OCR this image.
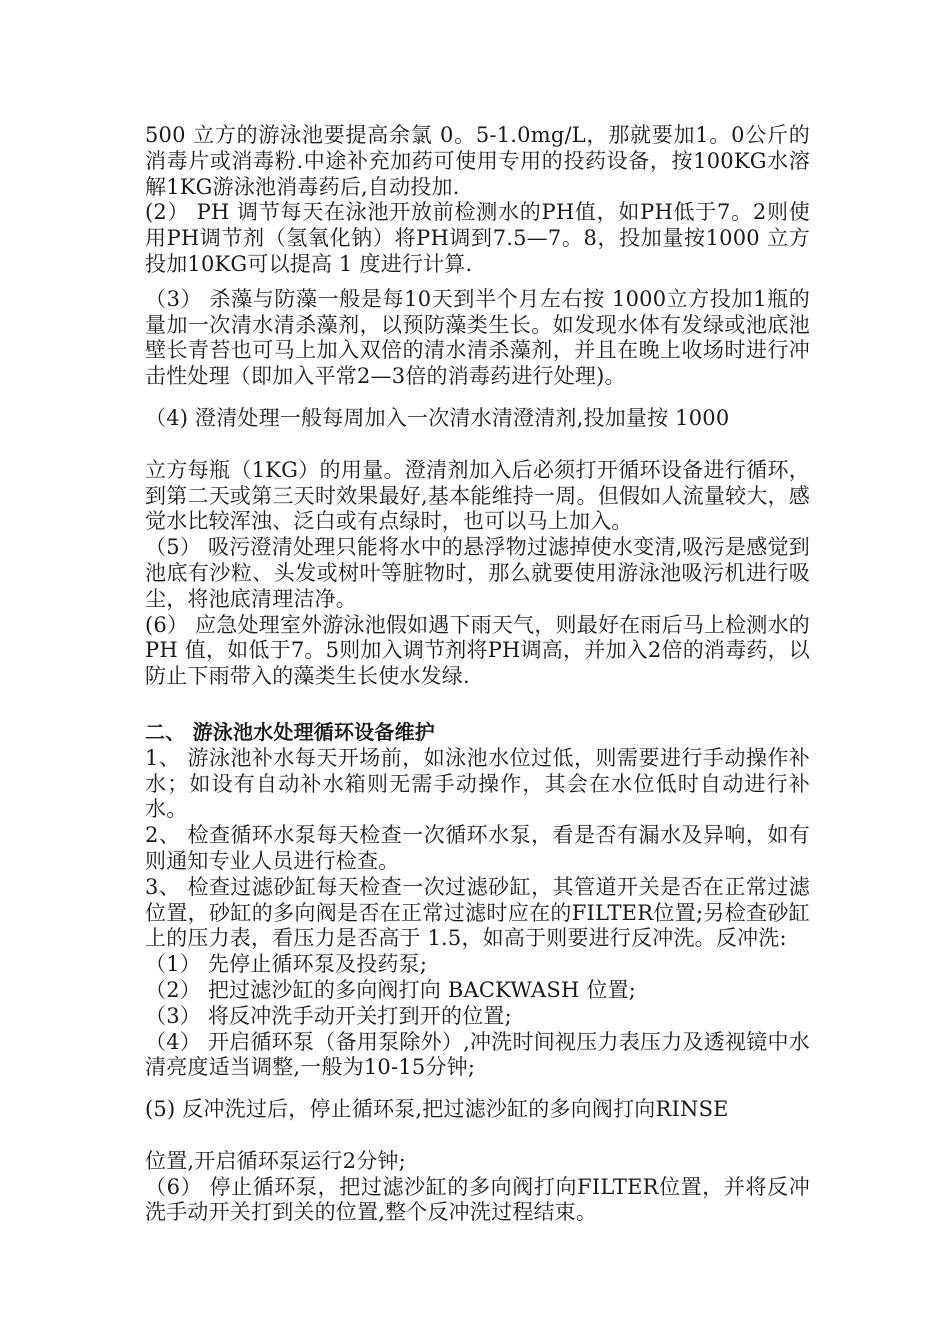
500 立方的游泳池要提高余氯 0。5-1.0mg/L，那就要加1。0公斤的消毒片或消毒粉.中途补充加药可使用专用的投药设备，按100KG水溶解1KG游泳池消毒药后,自动投加.

(2） PH 调节每天在泳池开放前检测水的PH值，如PH低于7。2则使用PH调节剂（氢氧化钠）将PH调到7.5—7。8，投加量按1000 立方投加10KG可以提高 1 度进行计算.

（3） 杀藻与防藻一般是每10天到半个月左右按 1000立方投加1瓶的量加一次清水清杀藻剂，以预防藻类生长。如发现水体有发绿或池底池壁长青苔也可马上加入双倍的清水清杀藻剂，并且在晚上收场时进行冲击性处理（即加入平常2—3倍的消毒药进行处理)。

（4) 澄清处理一般每周加入一次清水清澄清剂,投加量按 1000

立方每瓶（1KG）的用量。澄清剂加入后必须打开循环设备进行循环，到第二天或第三天时效果最好,基本能维持一周。但假如人流量较大，感觉水比较浑浊、泛白或有点绿时，也可以马上加入。

（5） 吸污澄清处理只能将水中的悬浮物过滤掉使水变清,吸污是感觉到池底有沙粒、头发或树叶等脏物时，那么就要使用游泳池吸污机进行吸尘，将池底清理洁净。

(6） 应急处理室外游泳池假如遇下雨天气，则最好在雨后马上检测水的 PH 值，如低于7。5则加入调节剂将PH调高，并加入2倍的消毒药，以防止下雨带入的藻类生长使水发绿.

二、 游泳池水处理循环设备维护

1、 游泳池补水每天开场前，如泳池水位过低，则需要进行手动操作补水；如设有自动补水箱则无需手动操作，其会在水位低时自动进行补水。

2、 检查循环水泵每天检查一次循环水泵，看是否有漏水及异响，如有则通知专业人员进行检查。

3、 检查过滤砂缸每天检查一次过滤砂缸，其管道开关是否在正常过滤位置，砂缸的多向阀是否在正常过滤时应在的FILTER位置;另检查砂缸上的压力表，看压力是否高于 1.5，如高于则要进行反冲洗。反冲洗:

（1） 先停止循环泵及投药泵;

（2） 把过滤沙缸的多向阀打向 BACKWASH 位置;

（3） 将反冲洗手动开关打到开的位置;

（4） 开启循环泵（备用泵除外）,冲洗时间视压力表压力及透视镜中水清亮度适当调整,一般为10-15分钟;

(5) 反冲洗过后，停止循环泵,把过滤沙缸的多向阀打向RINSE

位置,开启循环泵运行2分钟;

（6） 停止循环泵，把过滤沙缸的多向阀打向FILTER位置，并将反冲洗手动开关打到关的位置,整个反冲洗过程结束。
